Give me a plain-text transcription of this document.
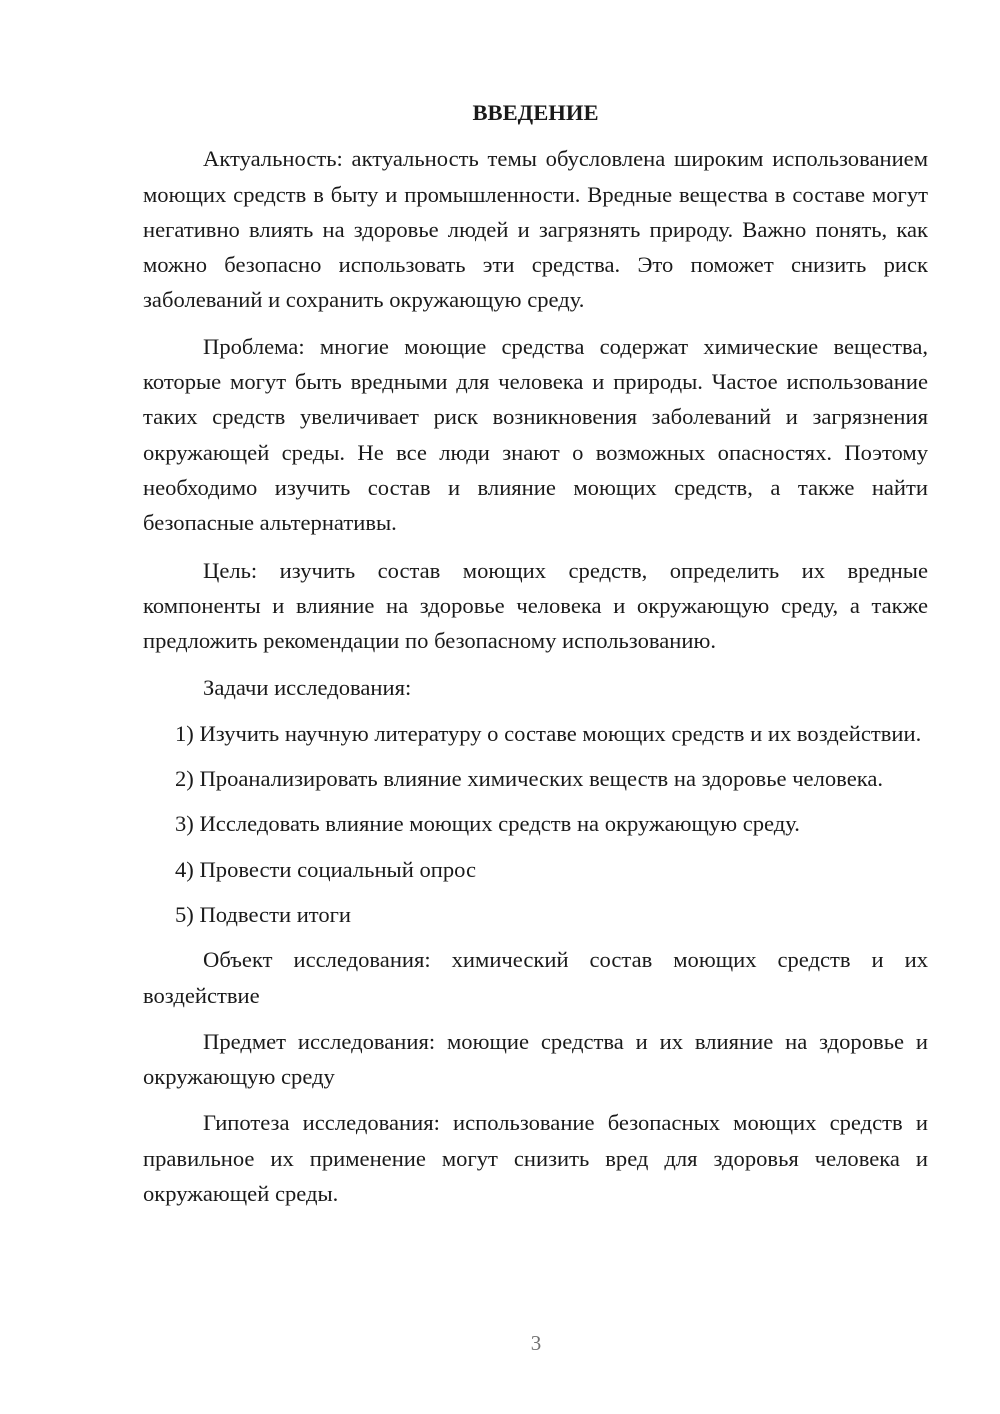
ВВЕДЕНИЕ

Актуальность: актуальность темы обусловлена широким использованием моющих средств в быту и промышленности. Вредные вещества в составе могут негативно влиять на здоровье людей и загрязнять природу. Важно понять, как можно безопасно использовать эти средства. Это поможет снизить риск заболеваний и сохранить окружающую среду.

Проблема: многие моющие средства содержат химические вещества, которые могут быть вредными для человека и природы. Частое использование таких средств увеличивает риск возникновения заболеваний и загрязнения окружающей среды. Не все люди знают о возможных опасностях. Поэтому необходимо изучить состав и влияние моющих средств, а также найти безопасные альтернативы.

Цель: изучить состав моющих средств, определить их вредные компоненты и влияние на здоровье человека и окружающую среду, а также предложить рекомендации по безопасному использованию.

Задачи исследования:

1) Изучить научную литературу о составе моющих средств и их воздействии.

2) Проанализировать влияние химических веществ на здоровье человека.

3) Исследовать влияние моющих средств на окружающую среду.

4) Провести социальный опрос

5) Подвести итоги

Объект исследования: химический состав моющих средств и их воздействие

Предмет исследования: моющие средства и их влияние на здоровье и окружающую среду

Гипотеза исследования: использование безопасных моющих средств и правильное их применение могут снизить вред для здоровья человека и окружающей среды.

3
